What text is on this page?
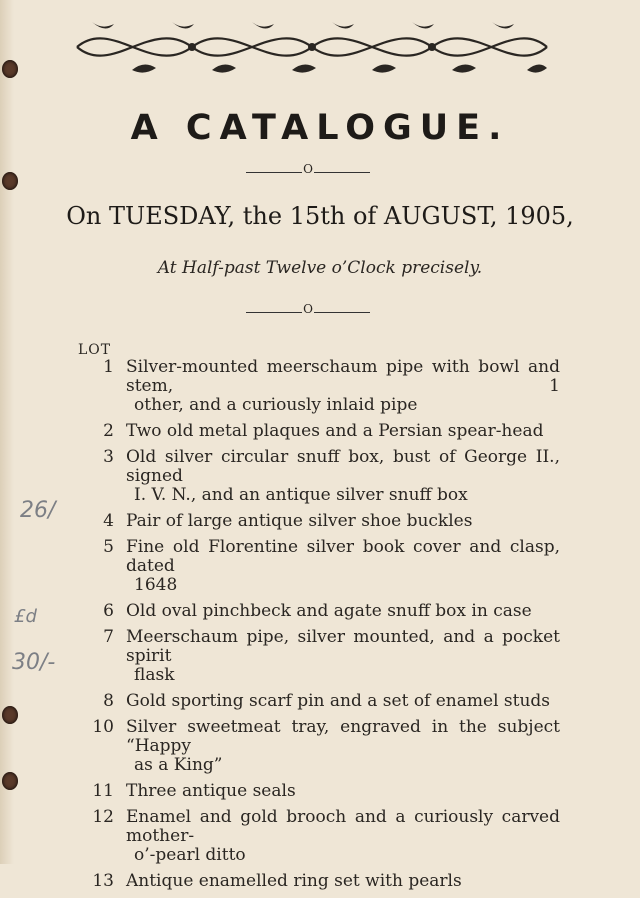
A CATALOGUE.
O
On TUESDAY, the 15th of AUGUST, 1905,
At Half-past Twelve o’Clock precisely.
O
LOT
1 Silver-mounted meerschaum pipe with bowl and stem, 1
other, and a curiously inlaid pipe
2 Two old metal plaques and a Persian spear-head
3 Old silver circular snuff box, bust of George II., signed
I. V. N., and an antique silver snuff box
4 Pair of large antique silver shoe buckles
5 Fine old Florentine silver book cover and clasp, dated
1648
6 Old oval pinchbeck and agate snuff box in case
7 Meerschaum pipe, silver mounted, and a pocket spirit
flask
8 Gold sporting scarf pin and a set of enamel studs
10 Silver sweetmeat tray, engraved in the subject “Happy
as a King”
11 Three antique seals
12 Enamel and gold brooch and a curiously carved mother-
o’-pearl ditto
13 Antique enamelled ring set with pearls
26/
£d
30/-
